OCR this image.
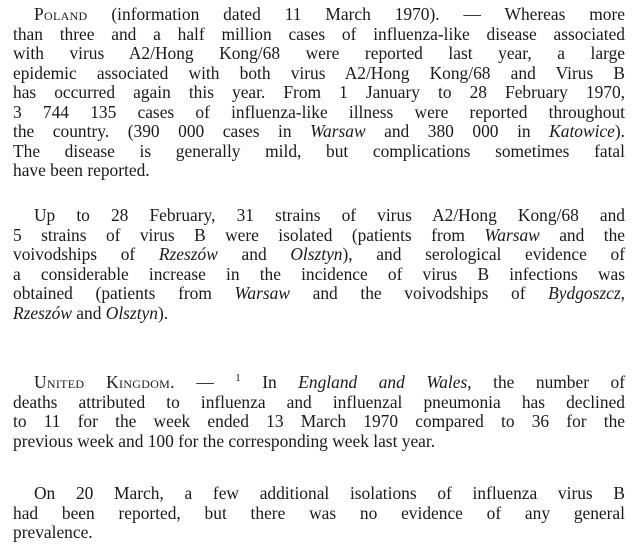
Poland (information dated 11 March 1970). — Whereas more
than three and a half million cases of influenza-like disease associated
with virus A2/Hong Kong/68 were reported last year, a large
epidemic associated with both virus A2/Hong Kong/68 and Virus B
has occurred again this year. From 1 January to 28 February 1970,
3 744 135 cases of influenza-like illness were reported throughout
the country. (390 000 cases in Warsaw and 380 000 in Katowice).
The disease is generally mild, but complications sometimes fatal
have been reported.
Up to 28 February, 31 strains of virus A2/Hong Kong/68 and
5 strains of virus B were isolated (patients from Warsaw and the
voivodships of Rzeszów and Olsztyn), and serological evidence of
a considerable increase in the incidence of virus B infections was
obtained (patients from Warsaw and the voivodships of Bydgoszcz,
Rzeszów and Olsztyn).
United Kingdom. — $^1$ In England and Wales, the number of
deaths attributed to influenza and influenzal pneumonia has declined
to 11 for the week ended 13 March 1970 compared to 36 for the
previous week and 100 for the corresponding week last year.
On 20 March, a few additional isolations of influenza virus B
had been reported, but there was no evidence of any general
prevalence.
